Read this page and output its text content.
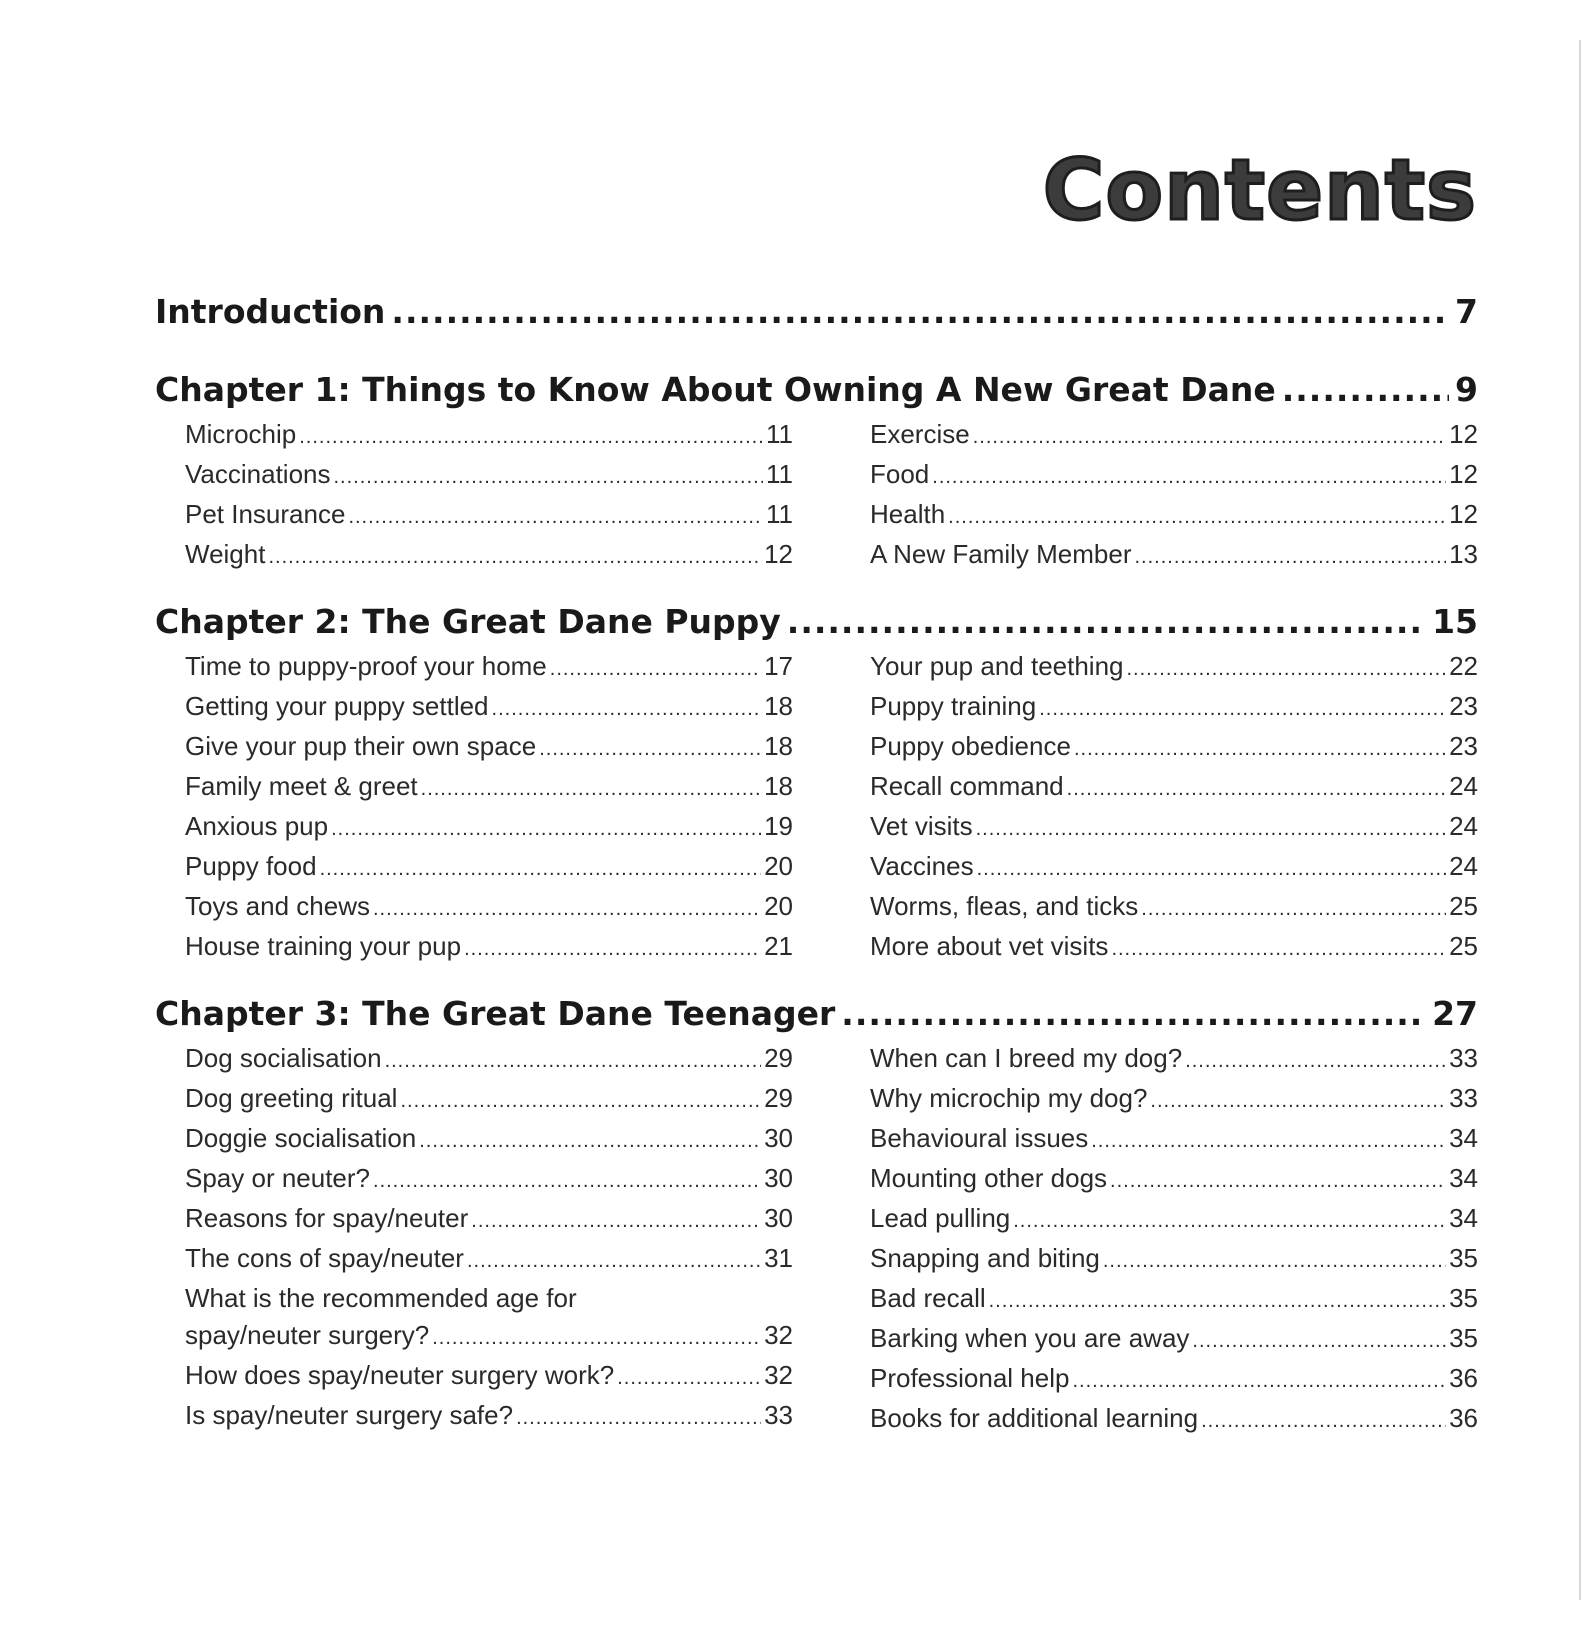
Contents
Introduction .....	7
Chapter 1: Things to Know About Owning A New Great Dane .....	9
Microchip .....	11
Vaccinations .....	11
Pet Insurance .....	11
Weight .....	12
Exercise .....	12
Food .....	12
Health .....	12
A New Family Member .....	13
Chapter 2: The Great Dane Puppy .....	15
Time to puppy-proof your home .....	17
Getting your puppy settled .....	18
Give your pup their own space .....	18
Family meet & greet .....	18
Anxious pup .....	19
Puppy food .....	20
Toys and chews .....	20
House training your pup .....	21
Your pup and teething .....	22
Puppy training .....	23
Puppy obedience .....	23
Recall command .....	24
Vet visits .....	24
Vaccines .....	24
Worms, fleas, and ticks .....	25
More about vet visits .....	25
Chapter 3: The Great Dane Teenager .....	27
Dog socialisation .....	29
Dog greeting ritual .....	29
Doggie socialisation .....	30
Spay or neuter? .....	30
Reasons for spay/neuter .....	30
The cons of spay/neuter .....	31
What is the recommended age for
spay/neuter surgery? .....	32
How does spay/neuter surgery work? .....	32
Is spay/neuter surgery safe? .....	33
When can I breed my dog? .....	33
Why microchip my dog? .....	33
Behavioural issues .....	34
Mounting other dogs .....	34
Lead pulling .....	34
Snapping and biting .....	35
Bad recall .....	35
Barking when you are away .....	35
Professional help .....	36
Books for additional learning .....	36
